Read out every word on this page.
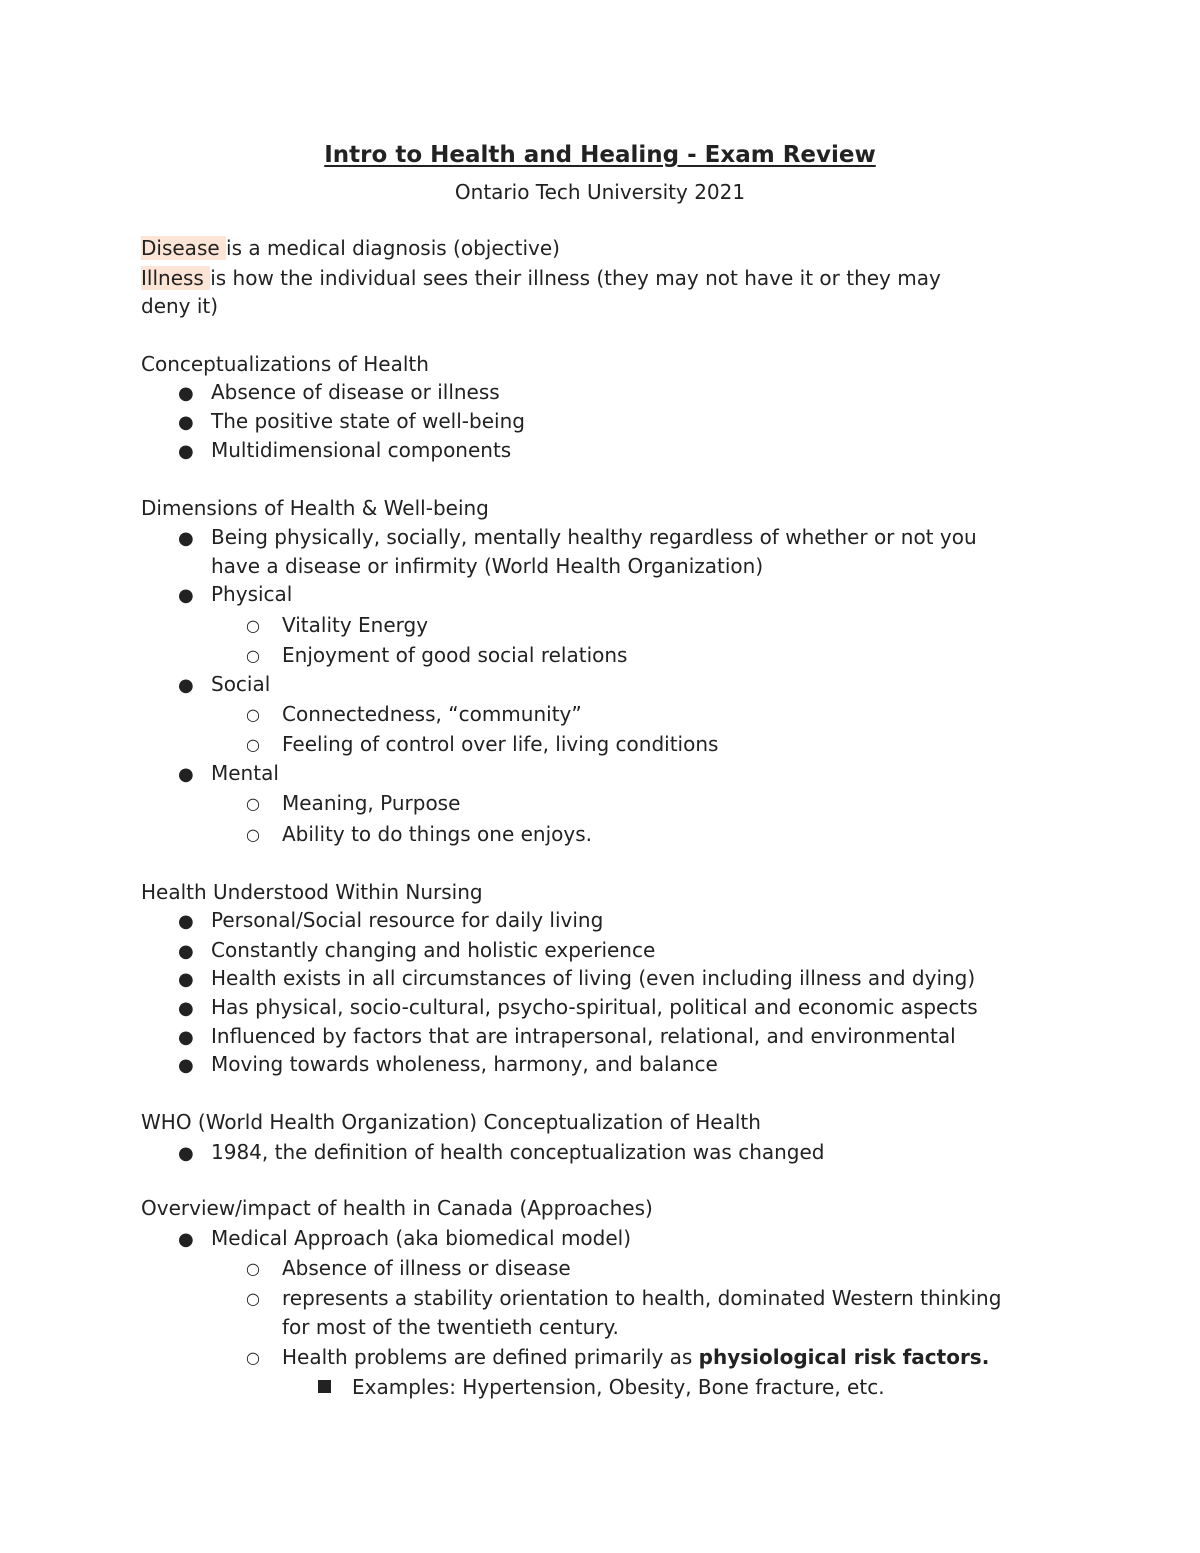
Intro to Health and Healing - Exam Review
Ontario Tech University 2021
Disease is a medical diagnosis (objective)
Illness is how the individual sees their illness (they may not have it or they may
deny it)
Conceptualizations of Health
● Absence of disease or illness
● The positive state of well-being
● Multidimensional components
Dimensions of Health & Well-being
● Being physically, socially, mentally healthy regardless of whether or not you
have a disease or infirmity (World Health Organization)
● Physical
○ Vitality Energy
○ Enjoyment of good social relations
● Social
○ Connectedness, “community”
○ Feeling of control over life, living conditions
● Mental
○ Meaning, Purpose
○ Ability to do things one enjoys.
Health Understood Within Nursing
● Personal/Social resource for daily living
● Constantly changing and holistic experience
● Health exists in all circumstances of living (even including illness and dying)
● Has physical, socio-cultural, psycho-spiritual, political and economic aspects
● Influenced by factors that are intrapersonal, relational, and environmental
● Moving towards wholeness, harmony, and balance
WHO (World Health Organization) Conceptualization of Health
● 1984, the definition of health conceptualization was changed
Overview/impact of health in Canada (Approaches)
● Medical Approach (aka biomedical model)
○ Absence of illness or disease
○ represents a stability orientation to health, dominated Western thinking
for most of the twentieth century.
○ Health problems are defined primarily as physiological risk factors.
Examples: Hypertension, Obesity, Bone fracture, etc.
